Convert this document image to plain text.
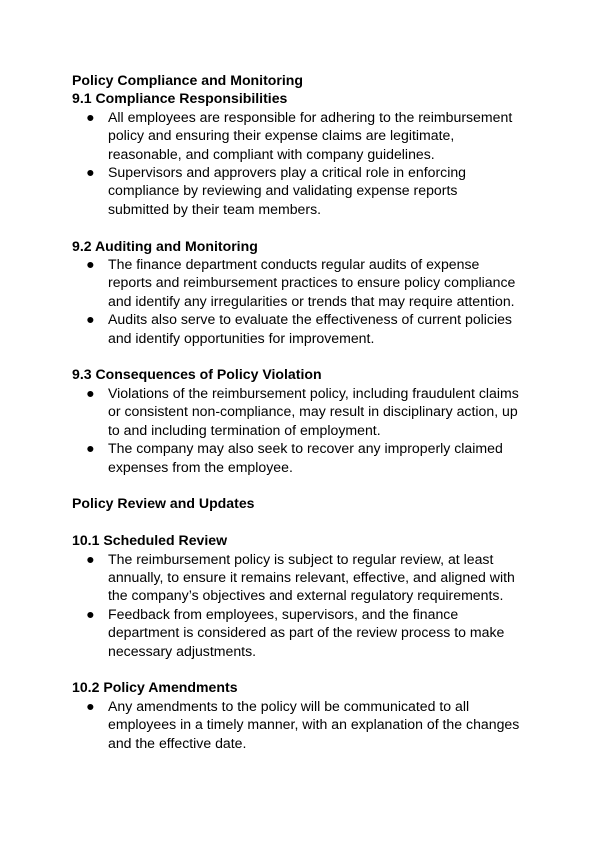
Policy Compliance and Monitoring
9.1 Compliance Responsibilities
● All employees are responsible for adhering to the reimbursement policy and ensuring their expense claims are legitimate, reasonable, and compliant with company guidelines.
● Supervisors and approvers play a critical role in enforcing compliance by reviewing and validating expense reports submitted by their team members.
9.2 Auditing and Monitoring
● The finance department conducts regular audits of expense reports and reimbursement practices to ensure policy compliance and identify any irregularities or trends that may require attention.
● Audits also serve to evaluate the effectiveness of current policies and identify opportunities for improvement.
9.3 Consequences of Policy Violation
● Violations of the reimbursement policy, including fraudulent claims or consistent non-compliance, may result in disciplinary action, up to and including termination of employment.
● The company may also seek to recover any improperly claimed expenses from the employee.
Policy Review and Updates
10.1 Scheduled Review
● The reimbursement policy is subject to regular review, at least annually, to ensure it remains relevant, effective, and aligned with the company’s objectives and external regulatory requirements.
● Feedback from employees, supervisors, and the finance department is considered as part of the review process to make necessary adjustments.
10.2 Policy Amendments
● Any amendments to the policy will be communicated to all employees in a timely manner, with an explanation of the changes and the effective date.
